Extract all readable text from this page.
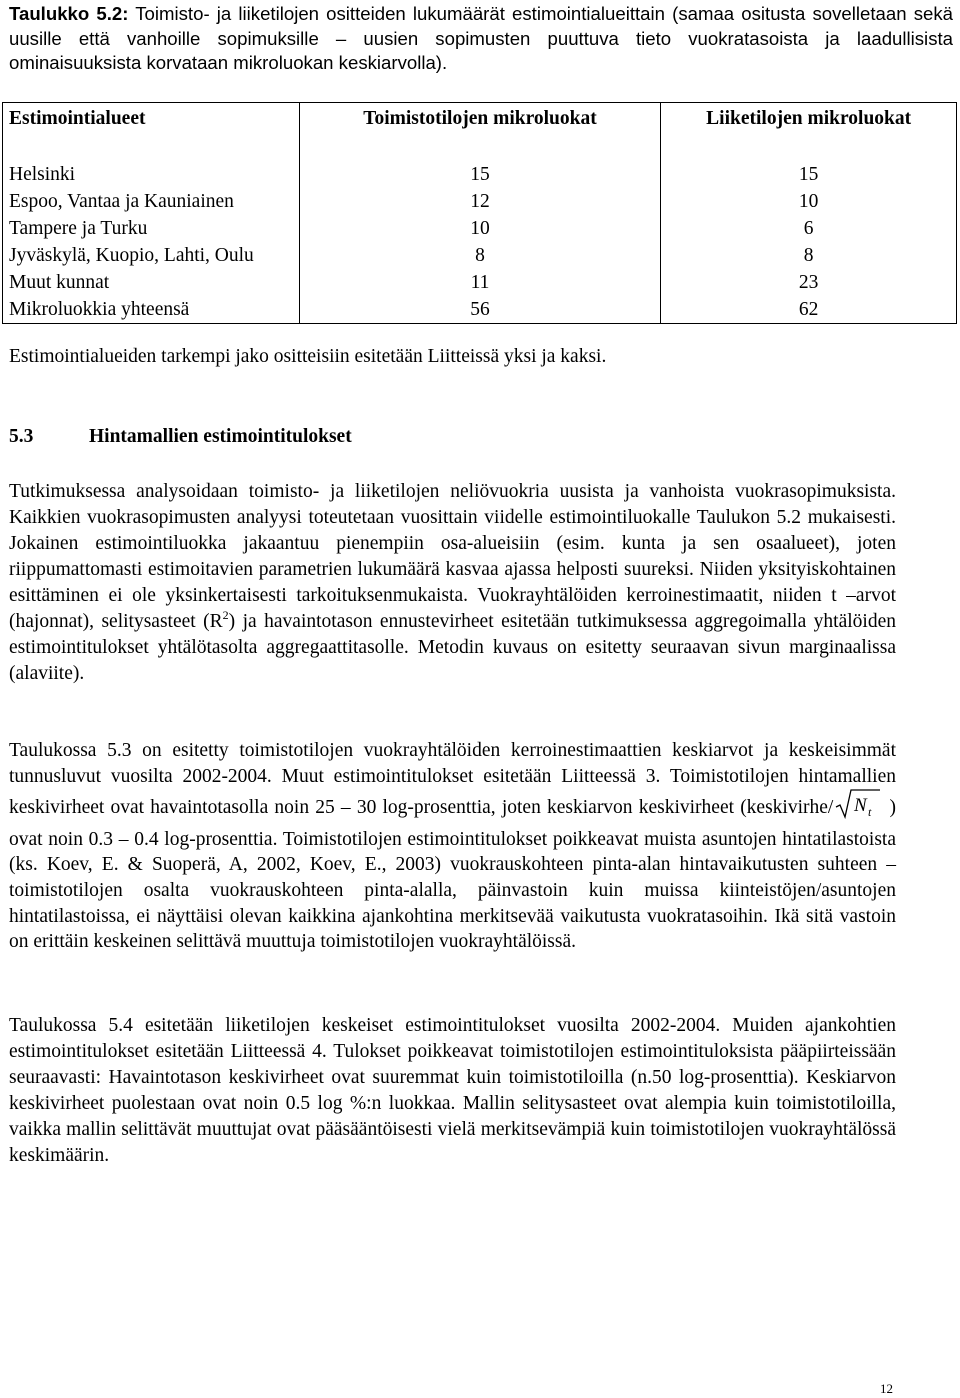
Taulukko 5.2: Toimisto- ja liiketilojen ositteiden lukumäärät estimointialueittain (samaa ositusta sovelletaan sekä uusille että vanhoille sopimuksille – uusien sopimusten puuttuva tieto vuokratasoista ja laadullisista ominaisuuksista korvataan mikroluokan keskiarvolla).
Estimointialueet	Toimistotilojen mikroluokat	Liiketilojen mikroluokat
Helsinki	15	15
Espoo, Vantaa ja Kauniainen	12	10
Tampere ja Turku	10	6
Jyväskylä, Kuopio, Lahti, Oulu	8	8
Muut kunnat	11	23
Mikroluokkia yhteensä	56	62
Estimointialueiden tarkempi jako ositteisiin esitetään Liitteissä yksi ja kaksi.
5.3	Hintamallien estimointitulokset
Tutkimuksessa analysoidaan toimisto- ja liiketilojen neliövuokria uusista ja vanhoista vuokrasopimuksista. Kaikkien vuokrasopimusten analyysi toteutetaan vuosittain viidelle estimointiluokalle Taulukon 5.2 mukaisesti. Jokainen estimointiluokka jakaantuu pienempiin osa-alueisiin (esim. kunta ja sen osaalueet), joten riippumattomasti estimoitavien parametrien lukumäärä kasvaa ajassa helposti suureksi. Niiden yksityiskohtainen esittäminen ei ole yksinkertaisesti tarkoituksenmukaista. Vuokrayhtälöiden kerroinestimaatit, niiden t –arvot (hajonnat), selitysasteet $(R^2)$ ja havaintotason ennustevirheet esitetään tutkimuksessa aggregoimalla yhtälöiden estimointitulokset yhtälötasolta aggregaattitasolle. Metodin kuvaus on esitetty seuraavan sivun marginaalissa (alaviite).
Taulukossa 5.3 on esitetty toimistotilojen vuokrayhtälöiden kerroinestimaattien keskiarvot ja keskeisimmät tunnusluvut vuosilta 2002-2004. Muut estimointitulokset esitetään Liitteessä 3. Toimistotilojen hintamallien keskivirheet ovat havaintotasolla noin 25 – 30 log-prosenttia, joten keskiarvon keskivirheet (keskivirhe/ N t ) ovat noin 0.3 – 0.4 log-prosenttia. Toimistotilojen estimointitulokset poikkeavat muista asuntojen hintatilastoista (ks. Koev, E. & Suoperä, A, 2002, Koev, E., 2003) vuokrauskohteen pinta-alan hintavaikutusten suhteen – toimistotilojen osalta vuokrauskohteen pinta-alalla, päinvastoin kuin muissa kiinteistöjen/asuntojen hintatilastoissa, ei näyttäisi olevan kaikkina ajankohtina merkitsevää vaikutusta vuokratasoihin. Ikä sitä vastoin on erittäin keskeinen selittävä muuttuja toimistotilojen vuokrayhtälöissä.
Taulukossa 5.4 esitetään liiketilojen keskeiset estimointitulokset vuosilta 2002-2004. Muiden ajankohtien estimointitulokset esitetään Liitteessä 4. Tulokset poikkeavat toimistotilojen estimointituloksista pääpiirteissään seuraavasti: Havaintotason keskivirheet ovat suuremmat kuin toimistotiloilla (n.50 log-prosenttia). Keskiarvon keskivirheet puolestaan ovat noin 0.5 log %:n luokkaa. Mallin selitysasteet ovat alempia kuin toimistotiloilla, vaikka mallin selittävät muuttujat ovat pääsääntöisesti vielä merkitsevämpiä kuin toimistotilojen vuokrayhtälössä keskimäärin.
12
